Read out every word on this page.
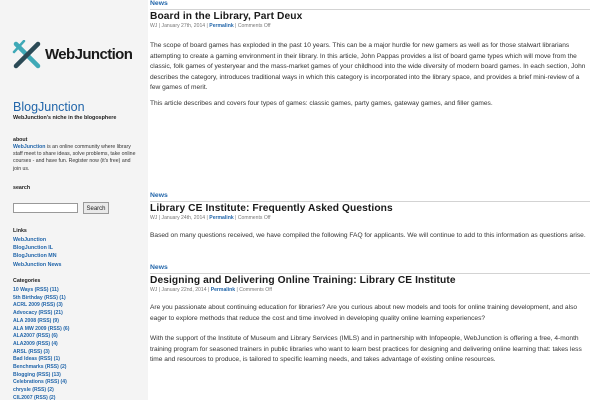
WebJunction
BlogJunction
WebJunction's niche in the blogosphere
about
WebJunction is an online community where library staff meet to share ideas, solve problems, take online courses - and have fun. Register now (it's free) and join us.
search
Search
Links
WebJunction
BlogJunction IL
BlogJunction MN
WebJunction News
Categories
10 Ways (RSS) (11)
5th Birthday (RSS) (1)
ACRL 2009 (RSS) (3)
Advocacy (RSS) (21)
ALA 2008 (RSS) (9)
ALA MW 2009 (RSS) (6)
ALA2007 (RSS) (6)
ALA2009 (RSS) (4)
ARSL (RSS) (3)
Bad Ideas (RSS) (1)
Benchmarks (RSS) (2)
Blogging (RSS) (13)
Celebrations (RSS) (4)
chrysle (RSS) (2)
CIL2007 (RSS) (2)
News
Board in the Library, Part Deux
WJ | January 27th, 2014 | Permalink | Comments Off

The scope of board games has exploded in the past 10 years. This can be a major hurdle for new gamers as well as for those stalwart librarians attempting to create a gaming environment in their library. In this article, John Pappas provides a list of board game types which will move from the classic, folk games of yesteryear and the mass-market games of your childhood into the wide diversity of modern board games. In each section, John describes the category, introduces traditional ways in which this category is incorporated into the library space, and provides a brief mini-review of a few games of merit.

This article describes and covers four types of games: classic games, party games, gateway games, and filler games.

News
Library CE Institute: Frequently Asked Questions
WJ | January 24th, 2014 | Permalink | Comments Off

Based on many questions received, we have compiled the following FAQ for applicants. We will continue to add to this information as questions arise.

News
Designing and Delivering Online Training: Library CE Institute
WJ | January 22nd, 2014 | Permalink | Comments Off

Are you passionate about continuing education for libraries? Are you curious about new models and tools for online training development, and also eager to explore methods that reduce the cost and time involved in developing quality online learning experiences?

With the support of the Institute of Museum and Library Services (IMLS) and in partnership with Infopeople, WebJunction is offering a free, 4-month training program for seasoned trainers in public libraries who want to learn best practices for designing and delivering online learning that: takes less time and resources to produce, is tailored to specific learning needs, and takes advantage of existing online resources.
